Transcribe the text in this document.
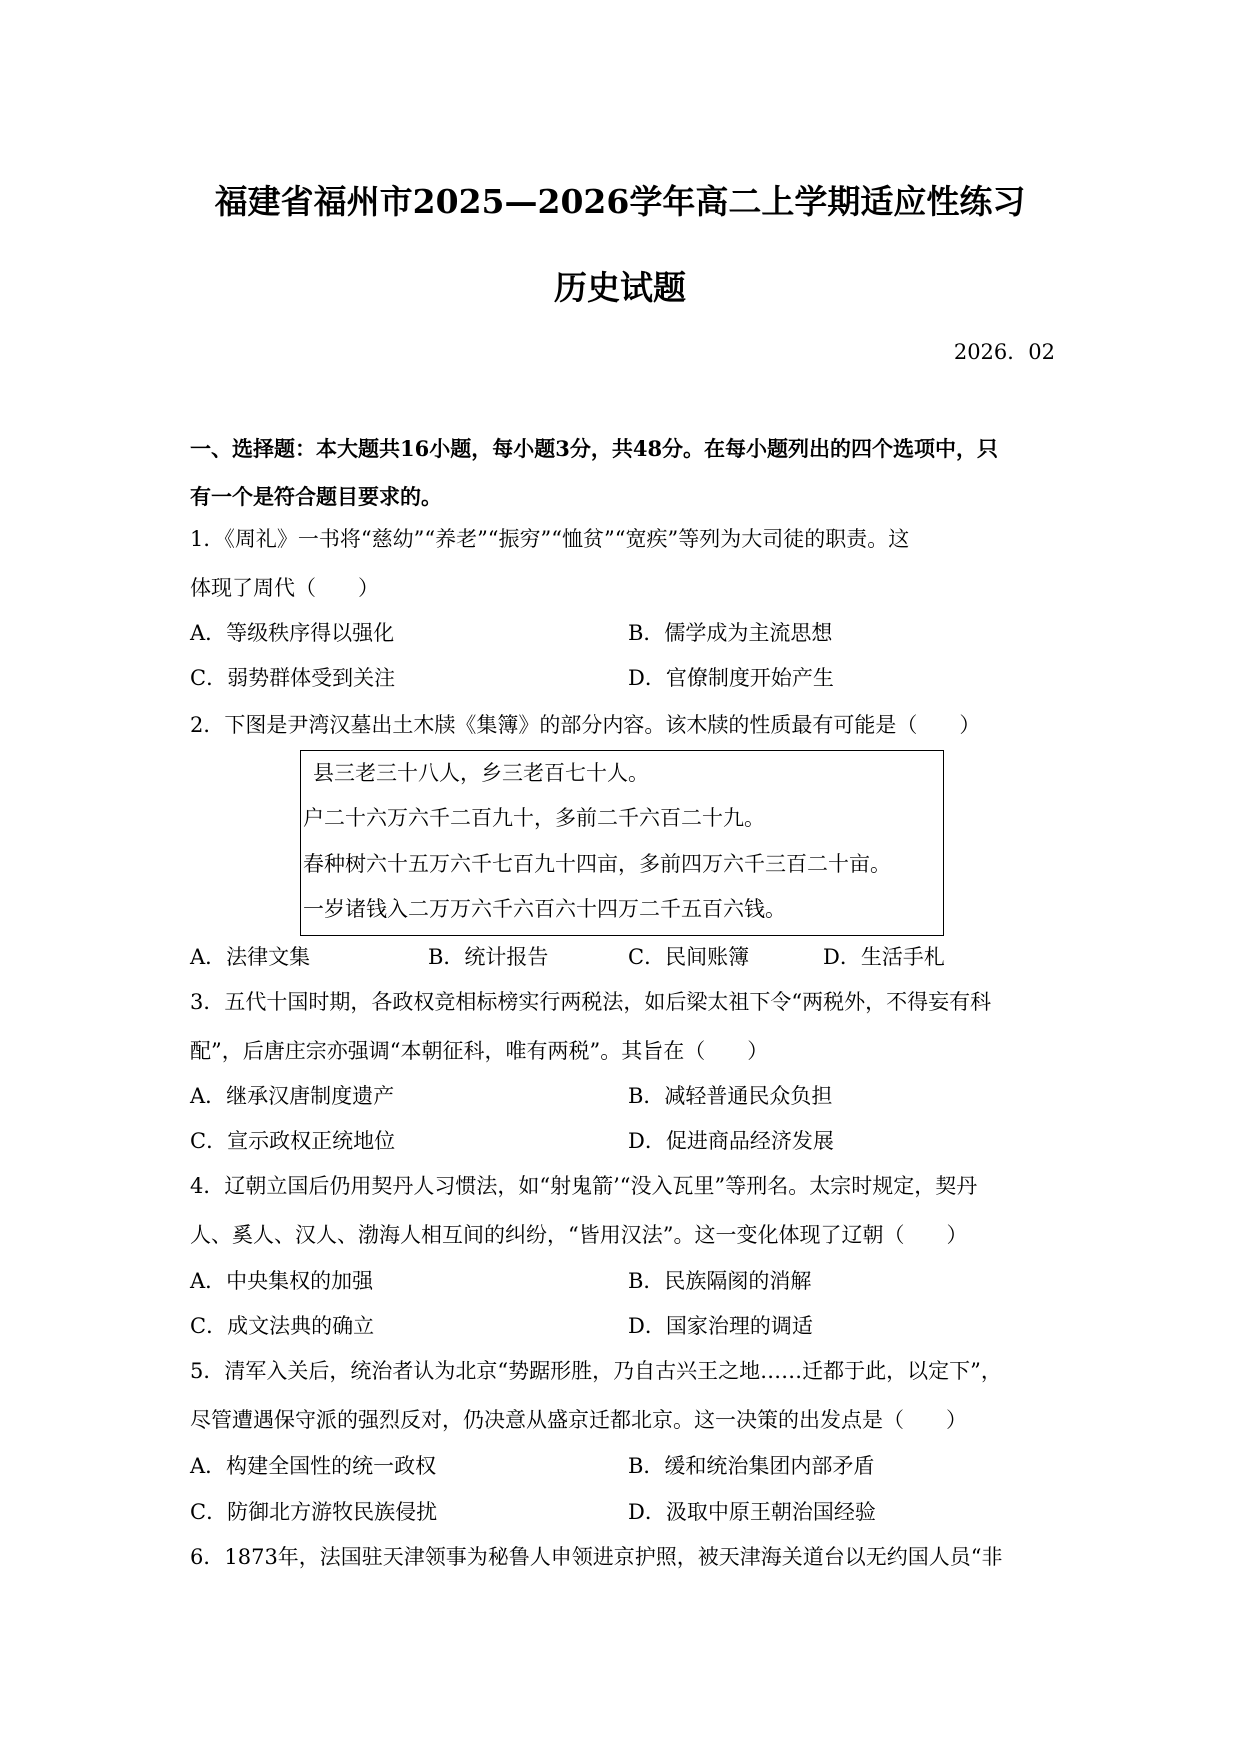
福建省福州市2025—2026学年高二上学期适应性练习
历史试题
2026．02
一、选择题：本大题共16小题，每小题3分，共48分。在每小题列出的四个选项中，只
有一个是符合题目要求的。
1．《周礼》一书将“慈幼”“养老”“振穷”“恤贫”“宽疾”等列为大司徒的职责。这
体现了周代（　　）
A．等级秩序得以强化	B．儒学成为主流思想
C．弱势群体受到关注	D．官僚制度开始产生
2．下图是尹湾汉墓出土木牍《集簿》的部分内容。该木牍的性质最有可能是（　　）
县三老三十八人，乡三老百七十人。
户二十六万六千二百九十，多前二千六百二十九。
春种树六十五万六千七百九十四亩，多前四万六千三百二十亩。
一岁诸钱入二万万六千六百六十四万二千五百六钱。
A．法律文集	B．统计报告	C．民间账簿	D．生活手札
3．五代十国时期，各政权竞相标榜实行两税法，如后梁太祖下令“两税外，不得妄有科
配”，后唐庄宗亦强调“本朝征科，唯有两税”。其旨在（　　）
A．继承汉唐制度遗产	B．减轻普通民众负担
C．宣示政权正统地位	D．促进商品经济发展
4．辽朝立国后仍用契丹人习惯法，如“射鬼箭’“没入瓦里”等刑名。太宗时规定，契丹
人、奚人、汉人、渤海人相互间的纠纷，“皆用汉法”。这一变化体现了辽朝（　　）
A．中央集权的加强	B．民族隔阂的消解
C．成文法典的确立	D．国家治理的调适
5．清军入关后，统治者认为北京“势踞形胜，乃自古兴王之地……迁都于此，以定下”，
尽管遭遇保守派的强烈反对，仍决意从盛京迁都北京。这一决策的出发点是（　　）
A．构建全国性的统一政权	B．缓和统治集团内部矛盾
C．防御北方游牧民族侵扰	D．汲取中原王朝治国经验
6．1873年，法国驻天津领事为秘鲁人申领进京护照，被天津海关道台以无约国人员“非
